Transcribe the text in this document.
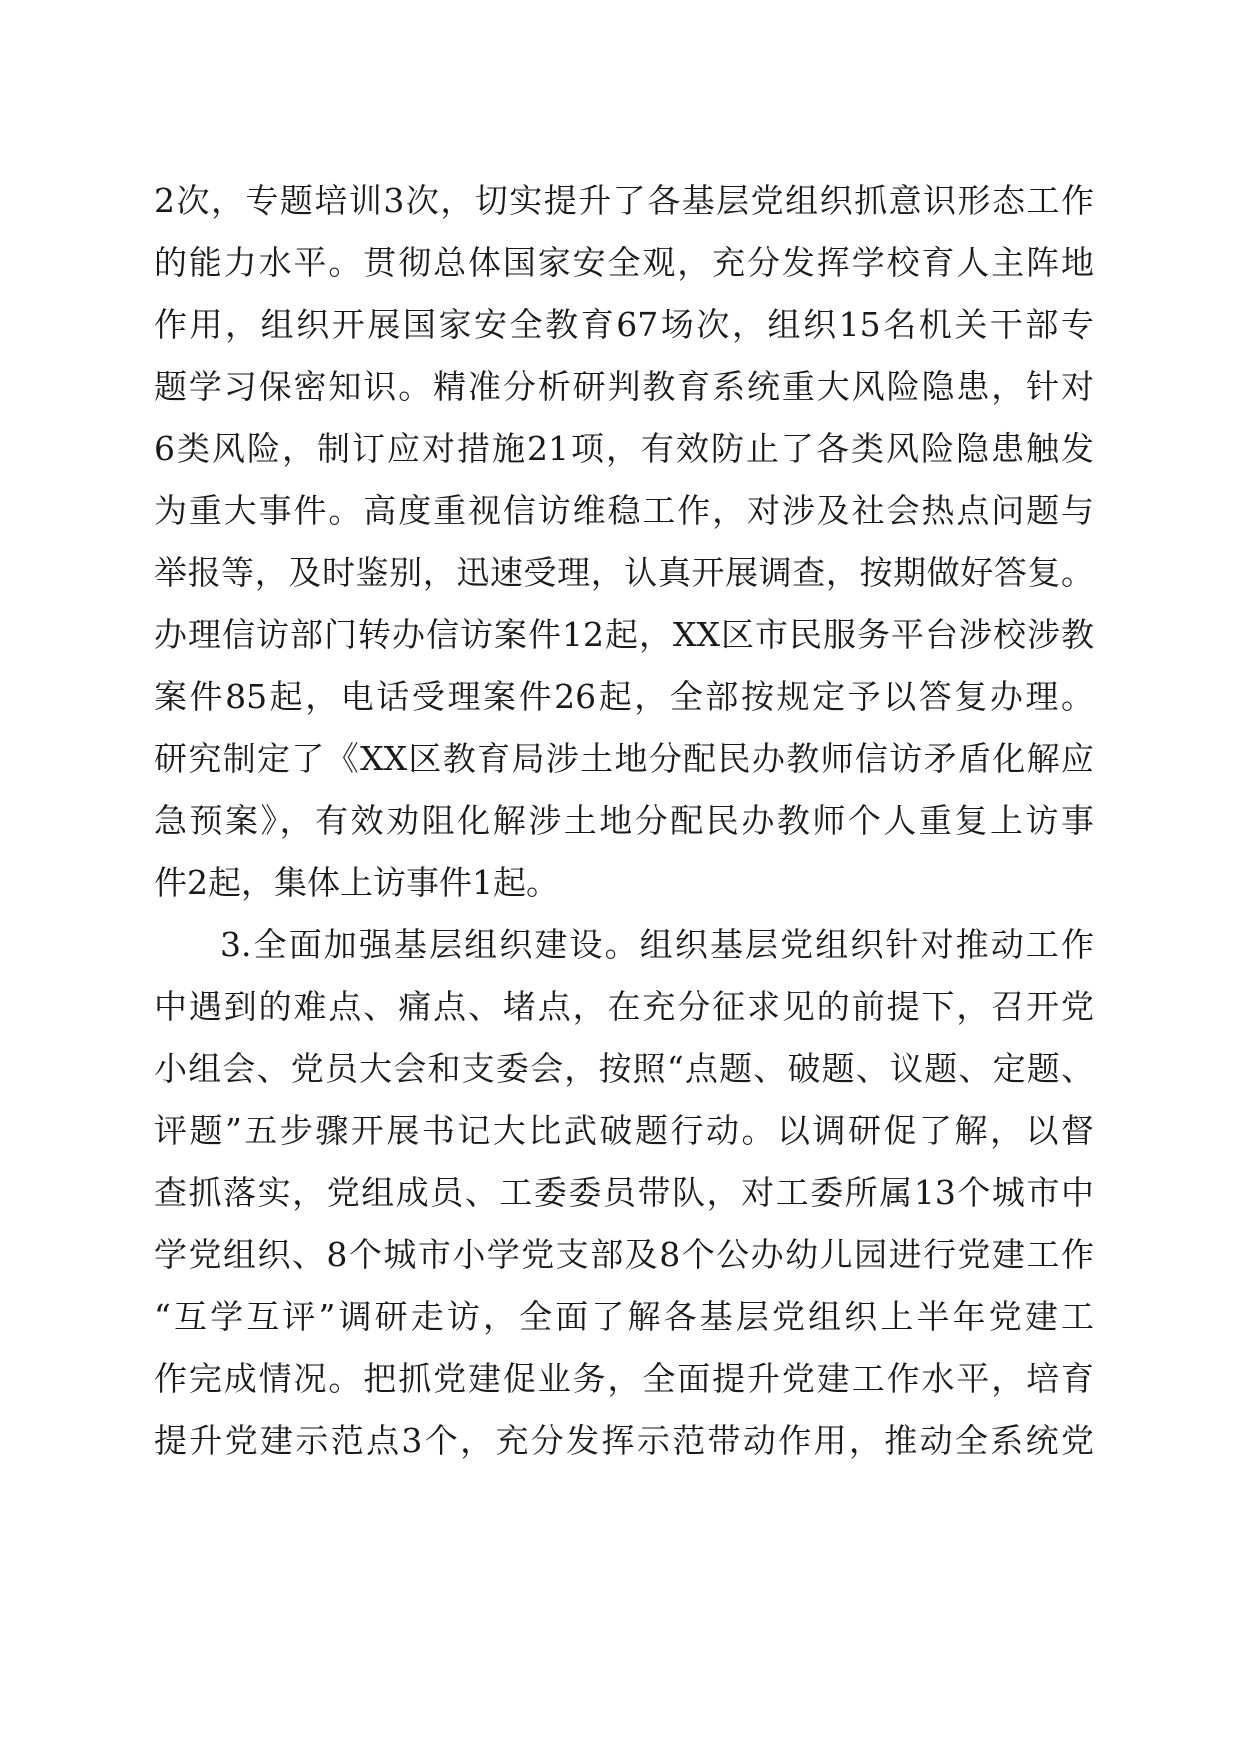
2次，专题培训3次，切实提升了各基层党组织抓意识形态工作
的能力水平。贯彻总体国家安全观，充分发挥学校育人主阵地
作用，组织开展国家安全教育67场次，组织15名机关干部专
题学习保密知识。精准分析研判教育系统重大风险隐患，针对
6类风险，制订应对措施21项，有效防止了各类风险隐患触发
为重大事件。高度重视信访维稳工作，对涉及社会热点问题与
举报等，及时鉴别，迅速受理，认真开展调查，按期做好答复。
办理信访部门转办信访案件12起，XX区市民服务平台涉校涉教
案件85起，电话受理案件26起，全部按规定予以答复办理。
研究制定了《XX区教育局涉土地分配民办教师信访矛盾化解应
急预案》，有效劝阻化解涉土地分配民办教师个人重复上访事
件2起，集体上访事件1起。
3.全面加强基层组织建设。组织基层党组织针对推动工作
中遇到的难点、痛点、堵点，在充分征求见的前提下，召开党
小组会、党员大会和支委会，按照“点题、破题、议题、定题、
评题”五步骤开展书记大比武破题行动。以调研促了解，以督
查抓落实，党组成员、工委委员带队，对工委所属13个城市中
学党组织、8个城市小学党支部及8个公办幼儿园进行党建工作
“互学互评”调研走访，全面了解各基层党组织上半年党建工
作完成情况。把抓党建促业务，全面提升党建工作水平，培育
提升党建示范点3个，充分发挥示范带动作用，推动全系统党
